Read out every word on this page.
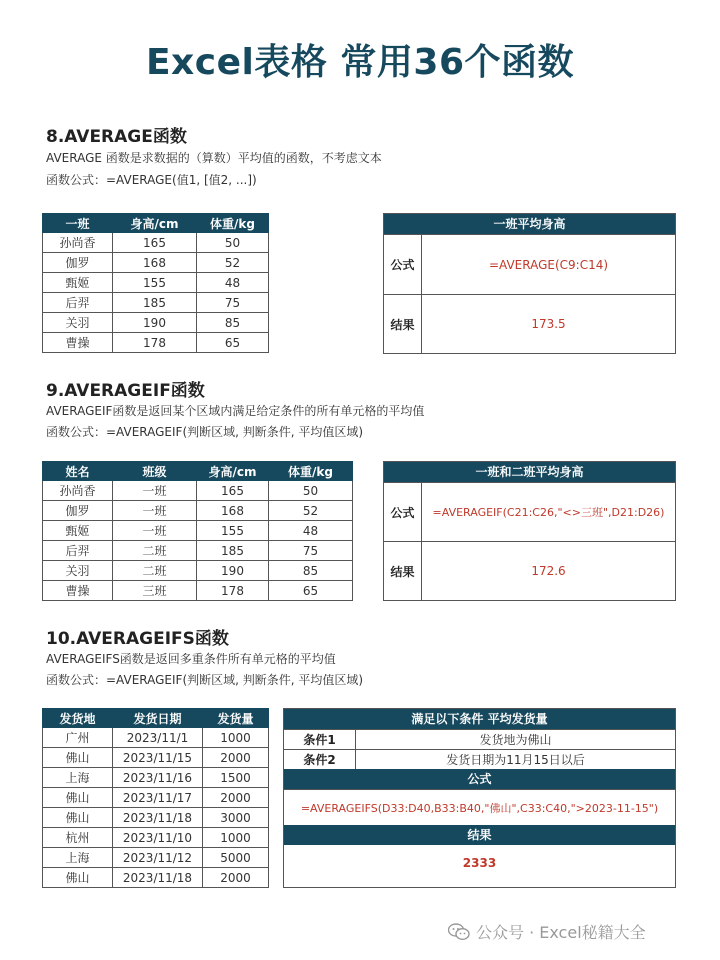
Excel表格 常用36个函数
8.AVERAGE函数
AVERAGE 函数是求数据的（算数）平均值的函数，不考虑文本
函数公式：=AVERAGE(值1, [值2, ...])
一班	身高/cm	体重/kg
孙尚香	165	50
伽罗	168	52
甄姬	155	48
后羿	185	75
关羽	190	85
曹操	178	65
一班平均身高
公式	=AVERAGE(C9:C14)
结果	173.5
9.AVERAGEIF函数
AVERAGEIF函数是返回某个区域内满足给定条件的所有单元格的平均值
函数公式：=AVERAGEIF(判断区域, 判断条件, 平均值区域)
姓名	班级	身高/cm	体重/kg
孙尚香	一班	165	50
伽罗	一班	168	52
甄姬	一班	155	48
后羿	二班	185	75
关羽	二班	190	85
曹操	三班	178	65
一班和二班平均身高
公式	=AVERAGEIF(C21:C26,"<>三班",D21:D26)
结果	172.6
10.AVERAGEIFS函数
AVERAGEIFS函数是返回多重条件所有单元格的平均值
函数公式：=AVERAGEIF(判断区域, 判断条件, 平均值区域)
发货地	发货日期	发货量
广州	2023/11/1	1000
佛山	2023/11/15	2000
上海	2023/11/16	1500
佛山	2023/11/17	2000
佛山	2023/11/18	3000
杭州	2023/11/10	1000
上海	2023/11/12	5000
佛山	2023/11/18	2000
满足以下条件 平均发货量
条件1	发货地为佛山
条件2	发货日期为11月15日以后
公式
=AVERAGEIFS(D33:D40,B33:B40,"佛山",C33:C40,">2023-11-15")
结果
2333
公众号 · Excel秘籍大全
